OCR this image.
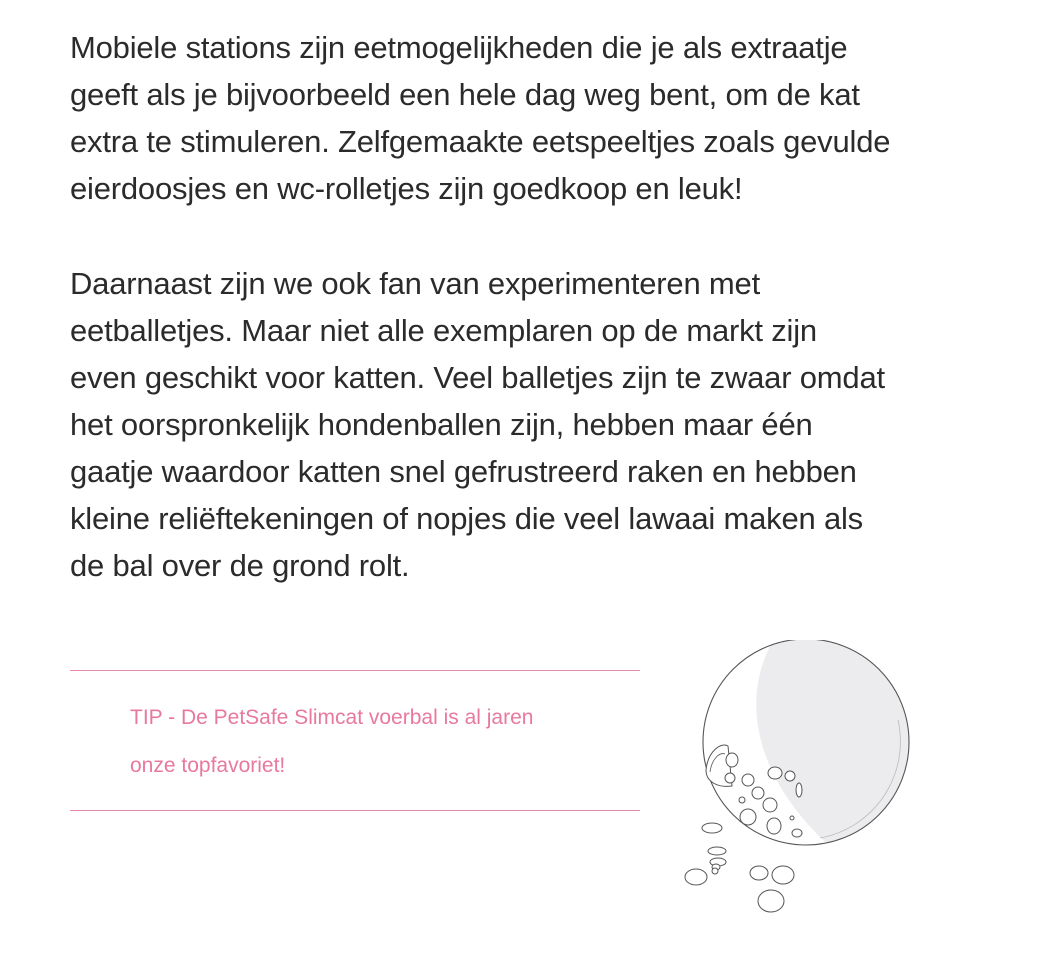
Mobiele stations zijn eetmogelijkheden die je als extraatje
geeft als je bijvoorbeeld een hele dag weg bent, om de kat
extra te stimuleren. Zelfgemaakte eetspeeltjes zoals gevulde
eierdoosjes en wc-rolletjes zijn goedkoop en leuk!

Daarnaast zijn we ook fan van experimenteren met
eetballetjes. Maar niet alle exemplaren op de markt zijn
even geschikt voor katten. Veel balletjes zijn te zwaar omdat
het oorspronkelijk hondenballen zijn, hebben maar één
gaatje waardoor katten snel gefrustreerd raken en hebben
kleine reliëftekeningen of nopjes die veel lawaai maken als
de bal over de grond rolt.

TIP - De PetSafe Slimcat voerbal is al jaren
onze topfavoriet!
